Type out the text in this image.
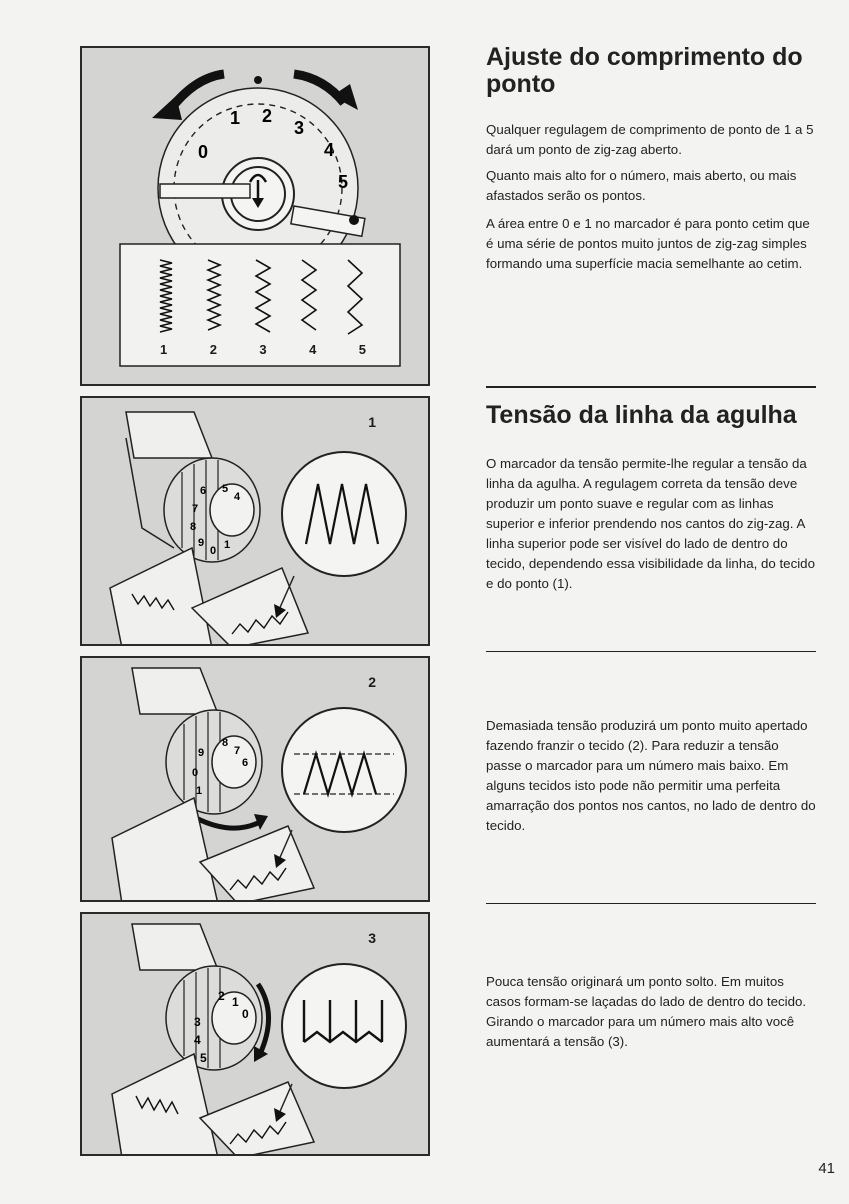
0
1 2
3
4
5
1	2	3	4	5
5
4
6
7
8
9
0 1
1
8
7
6
9
0
1
2
2 1
0
3
4
5
3
Ajuste do comprimento do ponto

Qualquer regulagem de comprimento de ponto de 1 a 5 dará um ponto de zig-zag aberto.

Quanto mais alto for o número, mais aberto, ou mais afastados serão os pontos.

A área entre 0 e 1 no marcador é para ponto cetim que é uma série de pontos muito juntos de zig-zag simples formando uma superfície macia semelhante ao cetim.

Tensão da linha da agulha

O marcador da tensão permite-lhe regular a tensão da linha da agulha. A regulagem correta da tensão deve produzir um ponto suave e regular com as linhas superior e inferior prendendo nos cantos do zig-zag. A linha superior pode ser visível do lado de dentro do tecido, dependendo essa visibilidade da linha, do tecido e do ponto (1).

Demasiada tensão produzirá um ponto muito apertado fazendo franzir o tecido (2). Para reduzir a tensão passe o marcador para um número mais baixo. Em alguns tecidos isto pode não permitir uma perfeita amarração dos pontos nos cantos, no lado de dentro do tecido.

Pouca tensão originará um ponto solto. Em muitos casos formam-se laçadas do lado de dentro do tecido. Girando o marcador para um número mais alto você aumentará a tensão (3).

41
